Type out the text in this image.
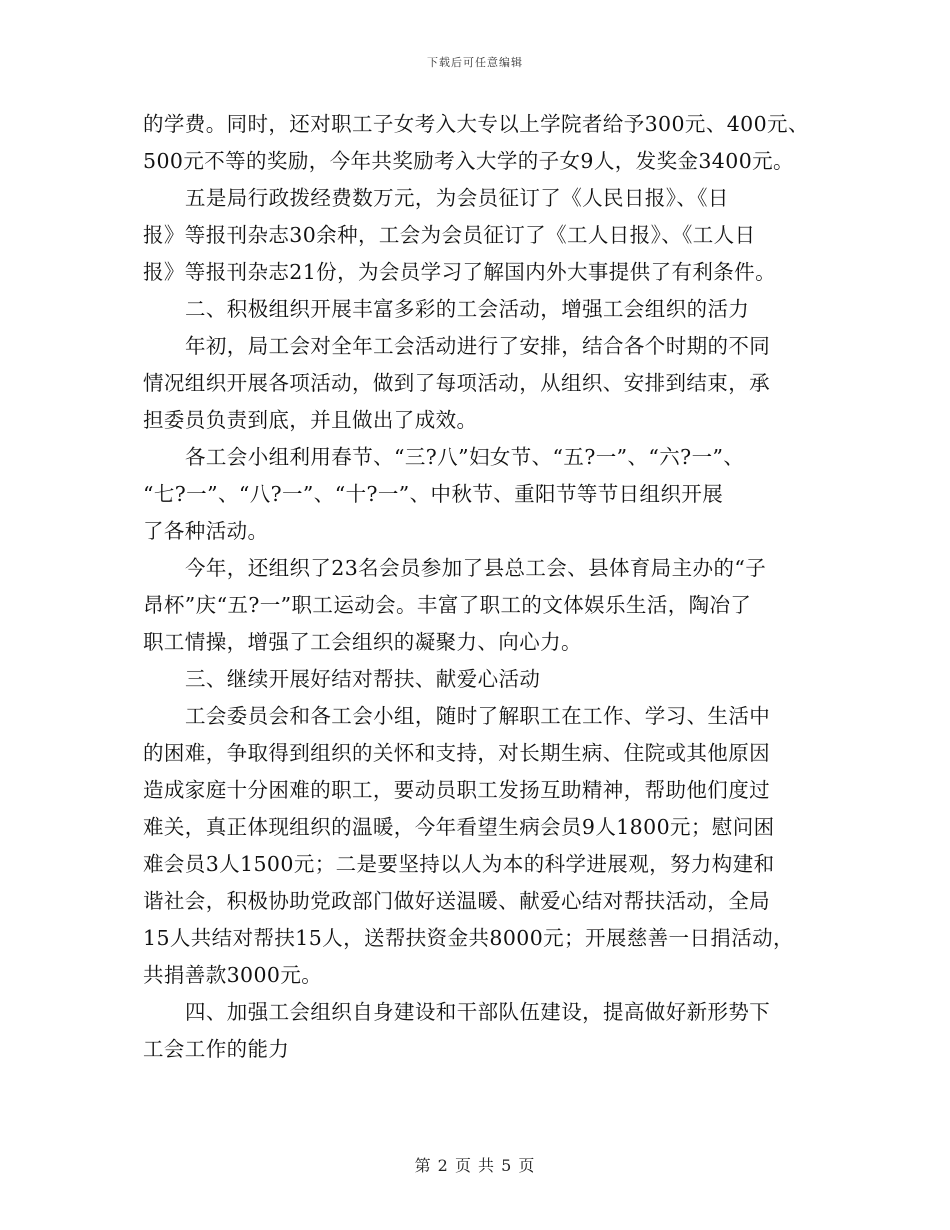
下载后可任意编辑
的学费。同时，还对职工子女考入大专以上学院者给予300元、400元、
500元不等的奖励，今年共奖励考入大学的子女9人，发奖金3400元。
五是局行政拨经费数万元，为会员征订了《人民日报》、《日
报》等报刊杂志30余种，工会为会员征订了《工人日报》、《工人日
报》等报刊杂志21份，为会员学习了解国内外大事提供了有利条件。
二、积极组织开展丰富多彩的工会活动，增强工会组织的活力
年初，局工会对全年工会活动进行了安排，结合各个时期的不同
情况组织开展各项活动，做到了每项活动，从组织、安排到结束，承
担委员负责到底，并且做出了成效。
各工会小组利用春节、“三?八”妇女节、“五?一”、“六?一”、
“七?一”、“八?一”、“十?一”、中秋节、重阳节等节日组织开展
了各种活动。
今年，还组织了23名会员参加了县总工会、县体育局主办的“子
昂杯”庆“五?一”职工运动会。丰富了职工的文体娱乐生活，陶冶了
职工情操，增强了工会组织的凝聚力、向心力。
三、继续开展好结对帮扶、献爱心活动
工会委员会和各工会小组，随时了解职工在工作、学习、生活中
的困难，争取得到组织的关怀和支持，对长期生病、住院或其他原因
造成家庭十分困难的职工，要动员职工发扬互助精神，帮助他们度过
难关，真正体现组织的温暖，今年看望生病会员9人1800元；慰问困
难会员3人1500元；二是要坚持以人为本的科学进展观，努力构建和
谐社会，积极协助党政部门做好送温暖、献爱心结对帮扶活动，全局
15人共结对帮扶15人，送帮扶资金共8000元；开展慈善一日捐活动，
共捐善款3000元。
四、加强工会组织自身建设和干部队伍建设，提高做好新形势下
工会工作的能力
第 2 页 共 5 页
